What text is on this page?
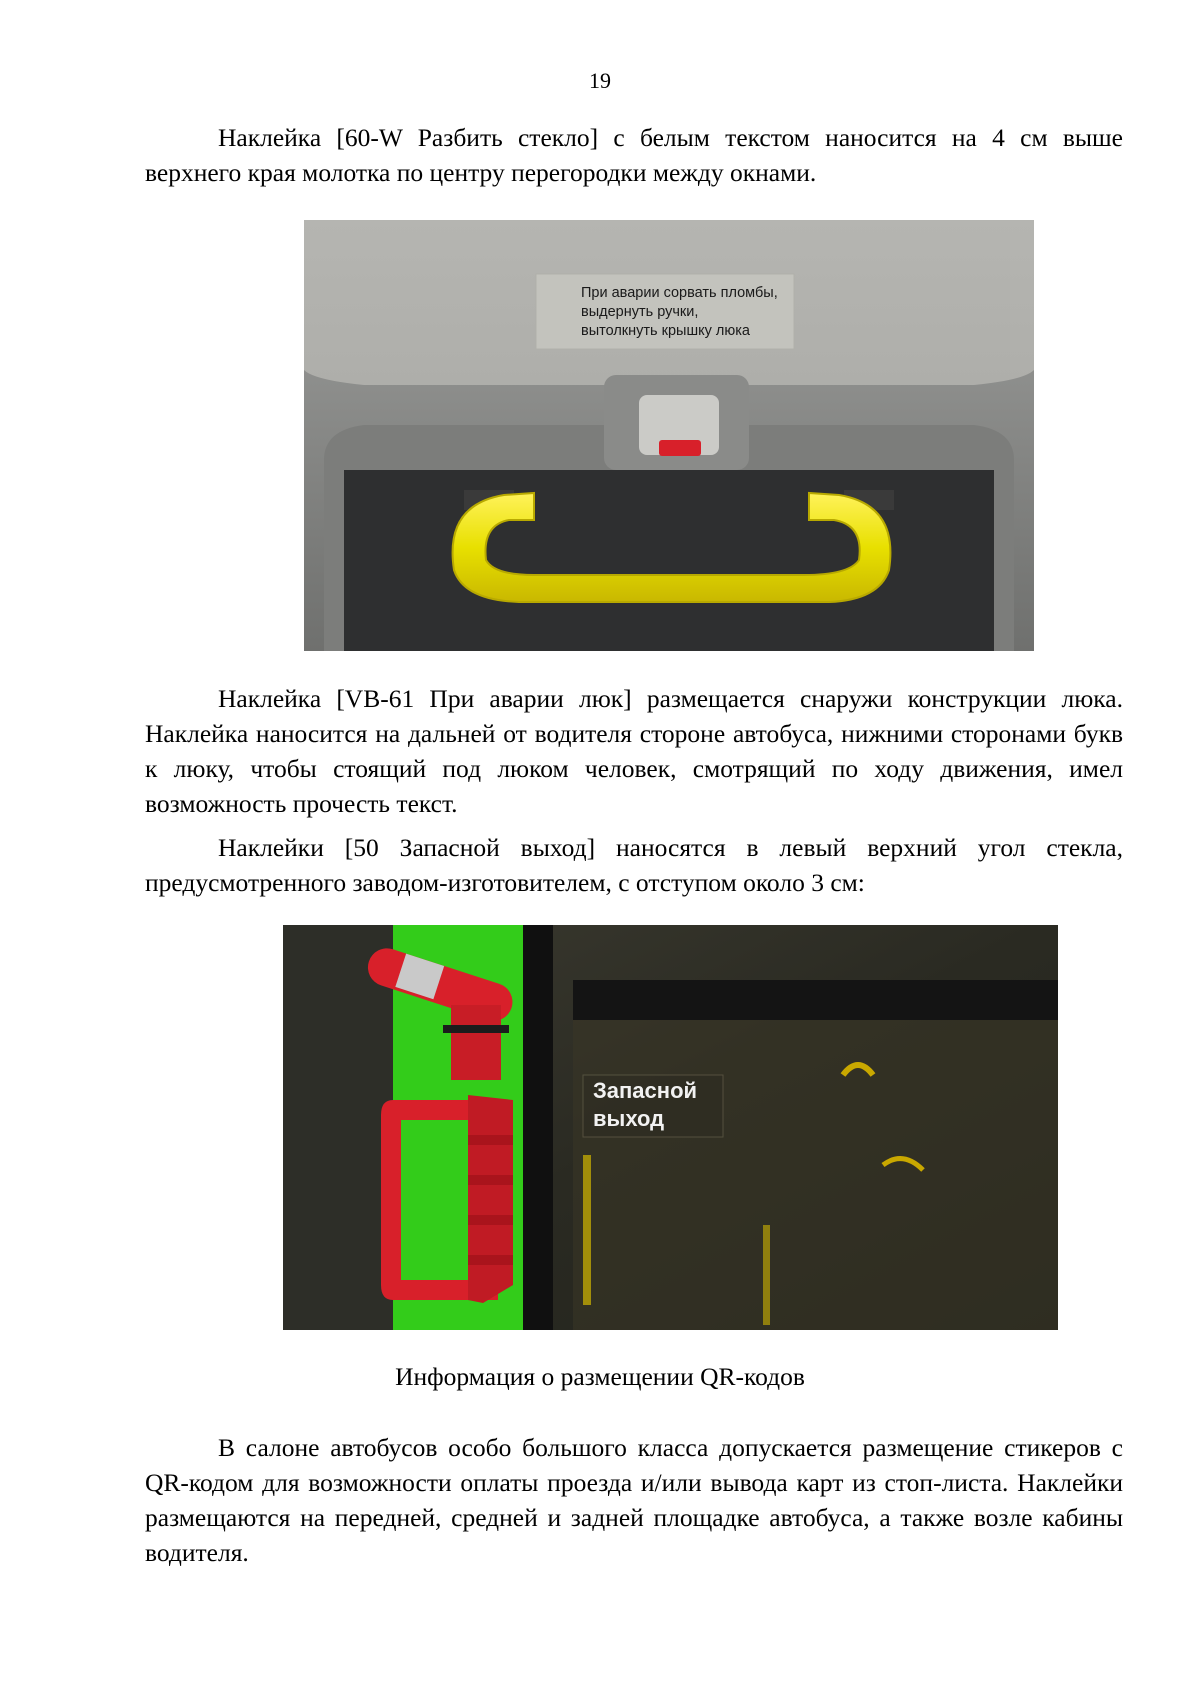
19

Наклейка [60-W Разбить стекло] с белым текстом наносится на 4 см выше верхнего края молотка по центру перегородки между окнами.

При аварии сорвать пломбы,
выдернуть ручки,
вытолкнуть крышку люка

Наклейка [VB-61 При аварии люк] размещается снаружи конструкции люка. Наклейка наносится на дальней от водителя стороне автобуса, нижними сторонами букв к люку, чтобы стоящий под люком человек, смотрящий по ходу движения, имел возможность прочесть текст.

Наклейки [50 Запасной выход] наносятся в левый верхний угол стекла, предусмотренного заводом-изготовителем, с отступом около 3 см:

Запасной
выход
Информация о размещении QR-кодов

В салоне автобусов особо большого класса допускается размещение стикеров с QR-кодом для возможности оплаты проезда и/или вывода карт из стоп-листа. Наклейки размещаются на передней, средней и задней площадке автобуса, а также возле кабины водителя.
